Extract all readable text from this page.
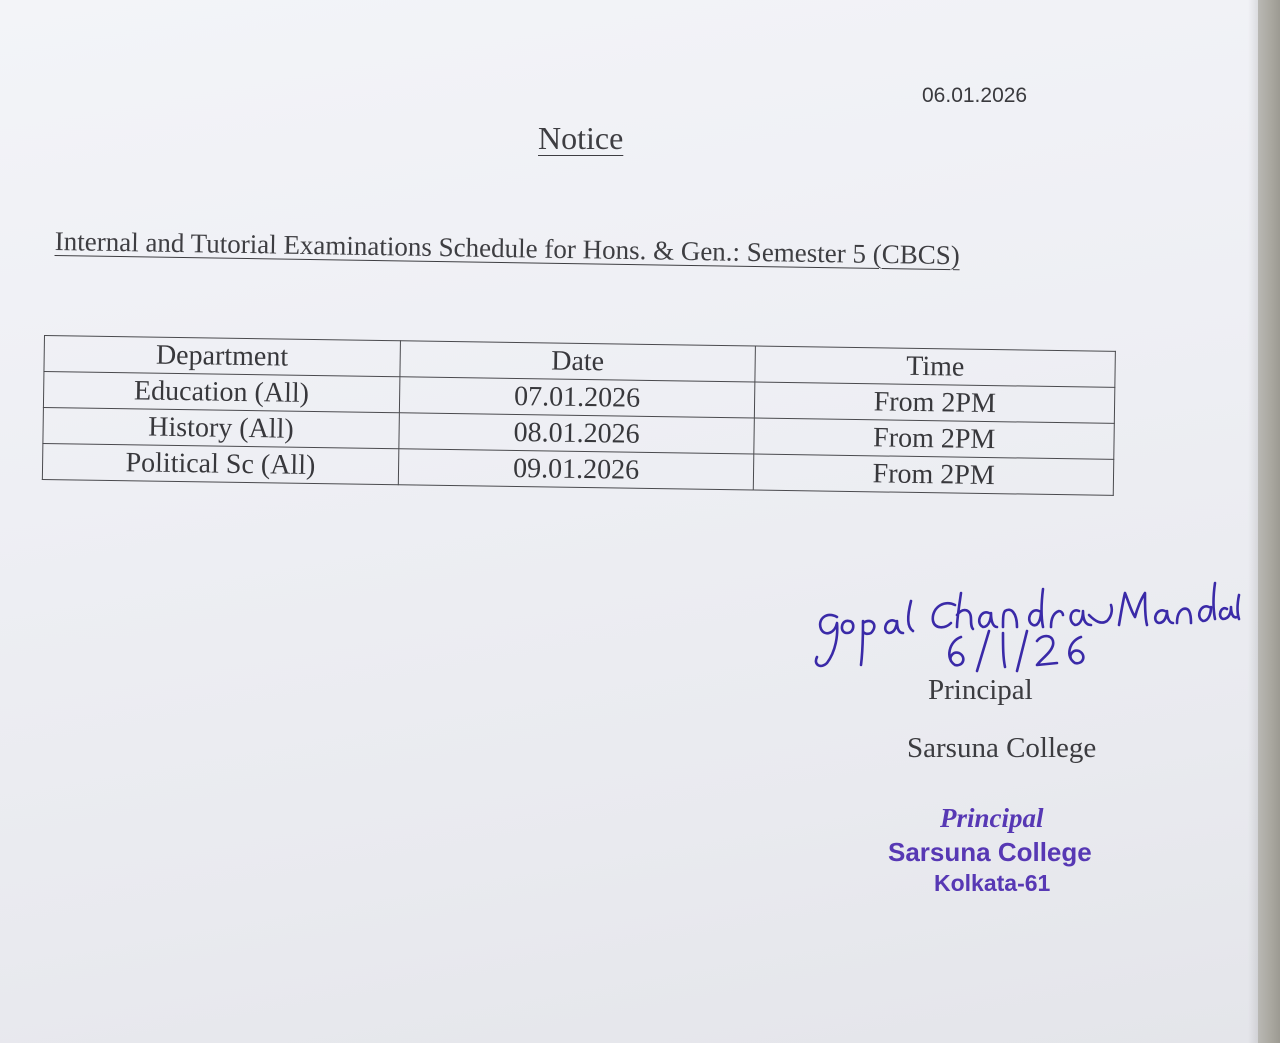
06.01.2026
Notice
Internal and Tutorial Examinations Schedule for Hons. & Gen.: Semester 5 (CBCS)
Department	Date	Time
Education (All)	07.01.2026	From 2PM
History (All)	08.01.2026	From 2PM
Political Sc (All)	09.01.2026	From 2PM
Principal
Sarsuna College
Principal
Sarsuna College
Kolkata-61
